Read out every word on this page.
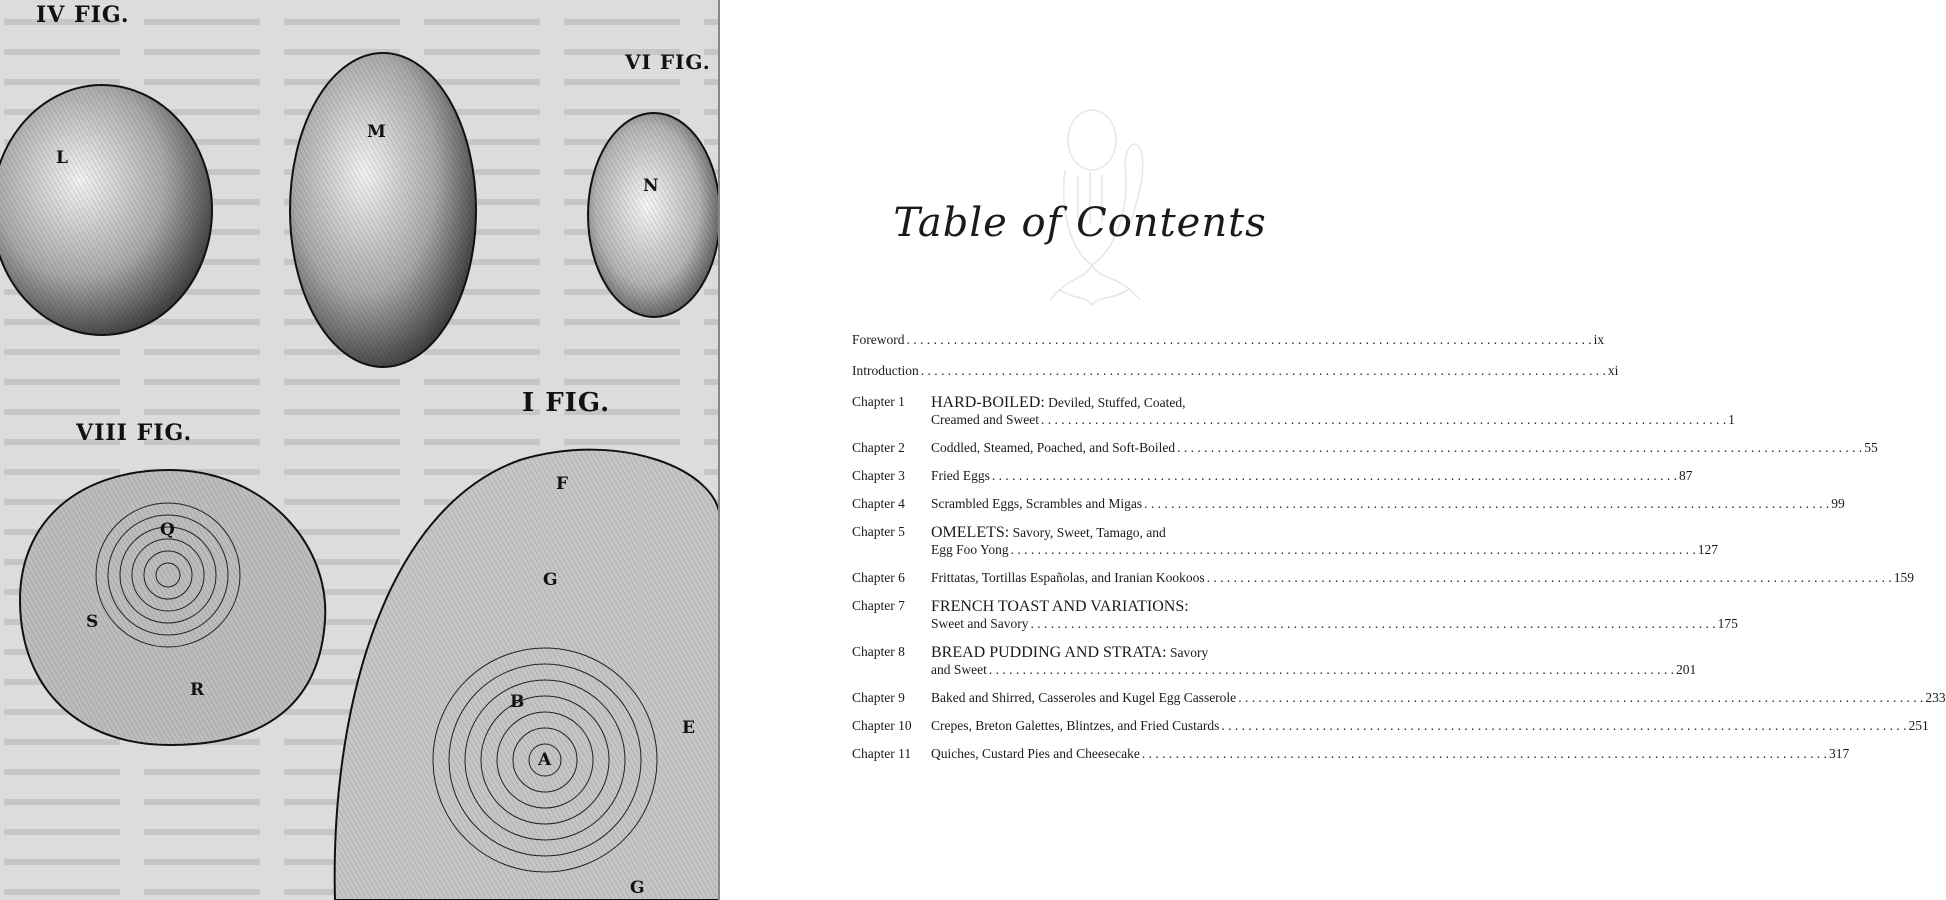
IV FIG.
VI FIG.
VIII FIG.
I FIG.
L
M
N
Q
S
R
F
G
E
B
A
G
Table of Contents
Foreword . . .	ix
Introduction . . .	xi
Chapter 1	HARD-BOILED: Deviled, Stuffed, Coated,
Creamed and Sweet . . .	1
Chapter 2	Coddled, Steamed, Poached, and Soft-Boiled . . .	55
Chapter 3	Fried Eggs . . .	87
Chapter 4	Scrambled Eggs, Scrambles and Migas . . .	99
Chapter 5	OMELETS: Savory, Sweet, Tamago, and
Egg Foo Yong . . .	127
Chapter 6	Frittatas, Tortillas Españolas, and Iranian Kookoos . . .	159
Chapter 7	FRENCH TOAST AND VARIATIONS:
Sweet and Savory . . .	175
Chapter 8	BREAD PUDDING AND STRATA: Savory
and Sweet . . .	201
Chapter 9	Baked and Shirred, Casseroles and Kugel Egg Casserole . . .	233
Chapter 10	Crepes, Breton Galettes, Blintzes, and Fried Custards . . .	251
Chapter 11	Quiches, Custard Pies and Cheesecake . . .	317
